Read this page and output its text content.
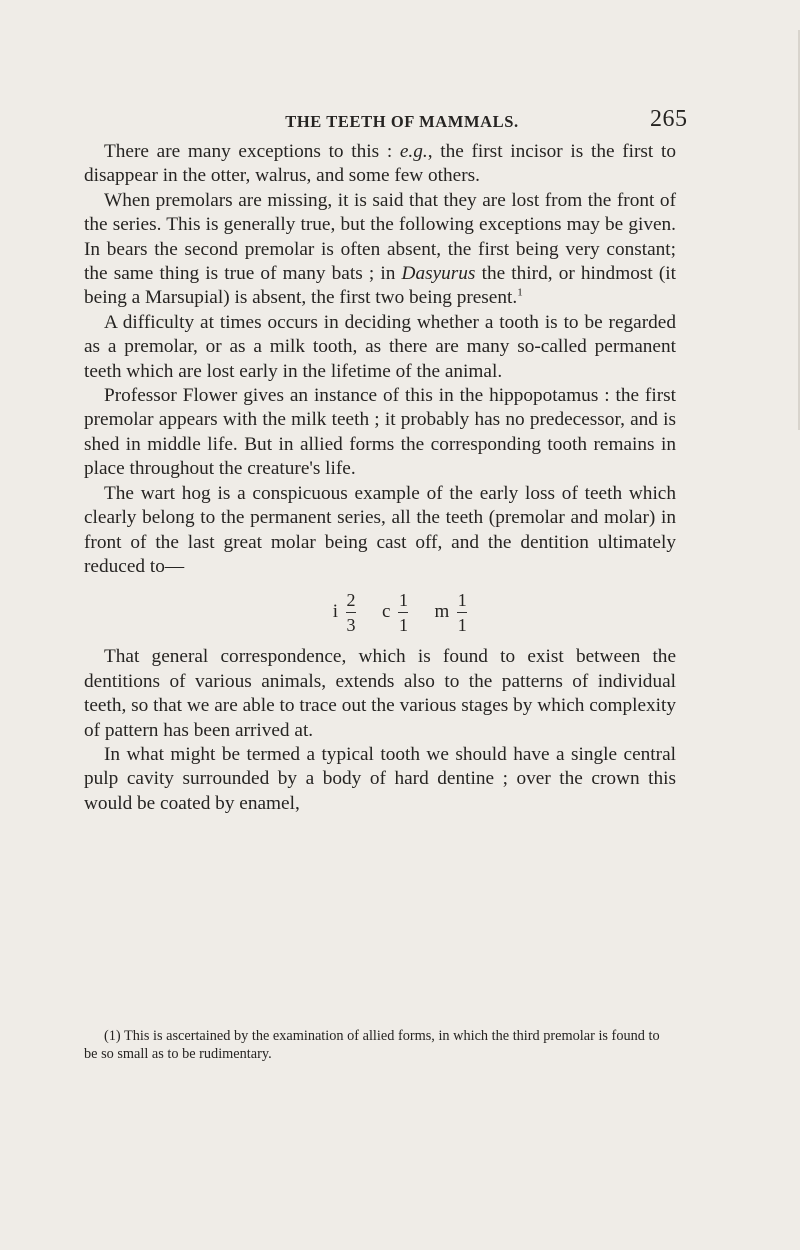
THE TEETH OF MAMMALS.	265

There are many exceptions to this : e.g., the first incisor is the first to disappear in the otter, walrus, and some few others.

When premolars are missing, it is said that they are lost from the front of the series. This is generally true, but the following exceptions may be given. In bears the second premolar is often absent, the first being very constant; the same thing is true of many bats ; in Dasyurus the third, or hindmost (it being a Marsupial) is absent, the first two being present.$^1$

A difficulty at times occurs in deciding whether a tooth is to be regarded as a premolar, or as a milk tooth, as there are many so-called permanent teeth which are lost early in the lifetime of the animal.

Professor Flower gives an instance of this in the hippopotamus : the first premolar appears with the milk teeth ; it probably has no predecessor, and is shed in middle life. But in allied forms the corresponding tooth remains in place throughout the creature's life.

The wart hog is a conspicuous example of the early loss of teeth which clearly belong to the permanent series, all the teeth (premolar and molar) in front of the last great molar being cast off, and the dentition ultimately reduced to—

i $\frac{2}{3}$ c $\frac{1}{1}$ m $\frac{1}{1}$

That general correspondence, which is found to exist between the dentitions of various animals, extends also to the patterns of individual teeth, so that we are able to trace out the various stages by which complexity of pattern has been arrived at.

In what might be termed a typical tooth we should have a single central pulp cavity surrounded by a body of hard dentine ; over the crown this would be coated by enamel,

(1) This is ascertained by the examination of allied forms, in which the third premolar is found to be so small as to be rudimentary.
